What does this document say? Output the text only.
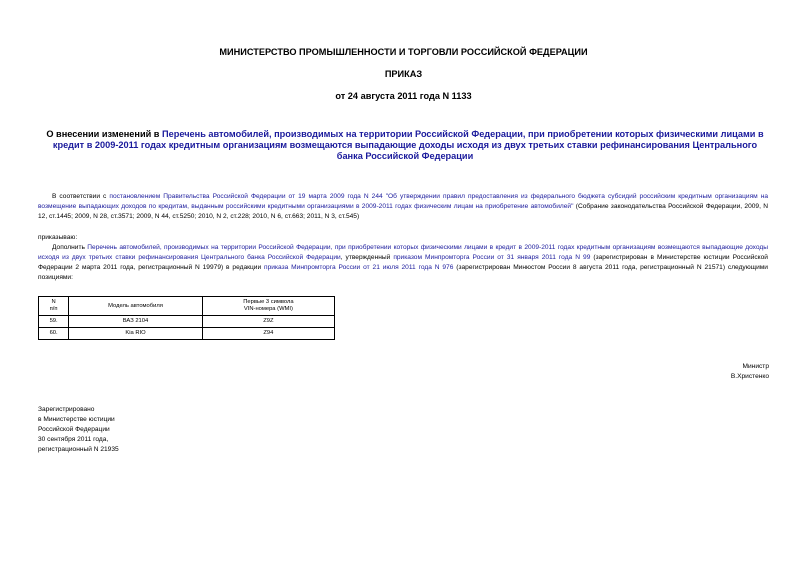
МИНИСТЕРСТВО ПРОМЫШЛЕННОСТИ И ТОРГОВЛИ РОССИЙСКОЙ ФЕДЕРАЦИИ
ПРИКАЗ
от 24 августа 2011 года N 1133
О внесении изменений в Перечень автомобилей, производимых на территории Российской Федерации, при приобретении которых физическими лицами в кредит в 2009-2011 годах кредитным организациям возмещаются выпадающие доходы исходя из двух третьих ставки рефинансирования Центрального банка Российской Федерации
В соответствии с постановлением Правительства Российской Федерации от 19 марта 2009 года N 244 "Об утверждении правил предоставления из федерального бюджета субсидий российским кредитным организациям на возмещение выпадающих доходов по кредитам, выданным российскими кредитными организациями в 2009-2011 годах физическим лицам на приобретение автомобилей" (Собрание законодательства Российской Федерации, 2009, N 12, ст.1445; 2009, N 28, ст.3571; 2009, N 44, ст.5250; 2010, N 2, ст.228; 2010, N 6, ст.663; 2011, N 3, ст.545)
приказываю:
Дополнить Перечень автомобилей, производимых на территории Российской Федерации, при приобретении которых физическими лицами в кредит в 2009-2011 годах кредитным организациям возмещаются выпадающие доходы исходя из двух третьих ставки рефинансирования Центрального банка Российской Федерации, утвержденный приказом Минпромторга России от 31 января 2011 года N 99 (зарегистрирован в Министерстве юстиции Российской Федерации 2 марта 2011 года, регистрационный N 19979) в редакции приказа Минпромторга России от 21 июля 2011 года N 976 (зарегистрирован Минюстом России 8 августа 2011 года, регистрационный N 21571) следующими позициями:
N
п/п	Модель автомобиля	Первые 3 символа
VIN-номера (WMI)
59.	ВАЗ 2104	Z9Z
60.	Kia RIO	Z94
Министр
В.Христенко
Зарегистрировано
в Министерстве юстиции
Российской Федерации
30 сентября 2011 года,
регистрационный N 21935
